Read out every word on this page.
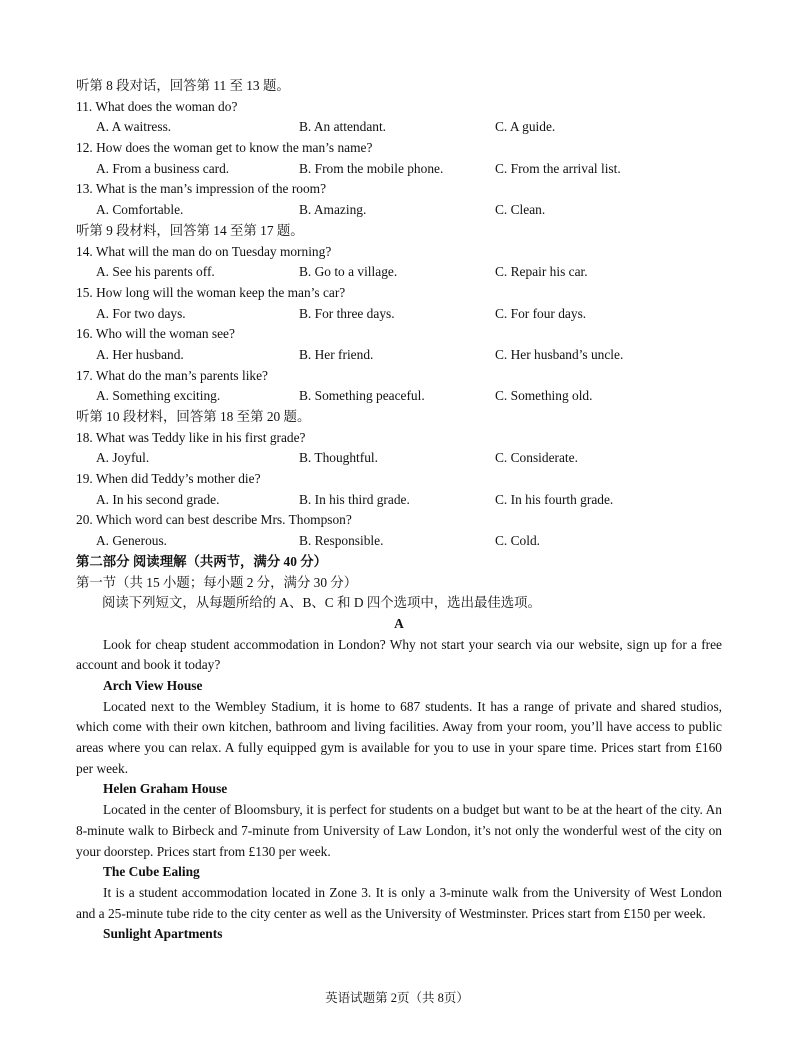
听第 8 段对话，回答第 11 至 13 题。
11. What does the woman do?
A. A waitress.	B. An attendant.	C. A guide.
12. How does the woman get to know the man’s name?
A. From a business card.	B. From the mobile phone.	C. From the arrival list.
13. What is the man’s impression of the room?
A. Comfortable.	B. Amazing.	C. Clean.
听第 9 段材料，回答第 14 至第 17 题。
14. What will the man do on Tuesday morning?
A. See his parents off.	B. Go to a village.	C. Repair his car.
15. How long will the woman keep the man’s car?
A. For two days.	B. For three days.	C. For four days.
16. Who will the woman see?
A. Her husband.	B. Her friend.	C. Her husband’s uncle.
17. What do the man’s parents like?
A. Something exciting.	B. Something peaceful.	C. Something old.
听第 10 段材料，回答第 18 至第 20 题。
18. What was Teddy like in his first grade?
A. Joyful.	B. Thoughtful.	C. Considerate.
19. When did Teddy’s mother die?
A. In his second grade.	B. In his third grade.	C. In his fourth grade.
20. Which word can best describe Mrs. Thompson?
A. Generous.	B. Responsible.	C. Cold.
第二部分 阅读理解（共两节，满分 40 分）
第一节（共 15 小题；每小题 2 分，满分 30 分）
阅读下列短文，从每题所给的 A、B、C 和 D 四个选项中，选出最佳选项。
A
Look for cheap student accommodation in London? Why not start your search via our website, sign up for a free account and book it today?
Arch View House
Located next to the Wembley Stadium, it is home to 687 students. It has a range of private and shared studios, which come with their own kitchen, bathroom and living facilities. Away from your room, you’ll have access to public areas where you can relax. A fully equipped gym is available for you to use in your spare time. Prices start from £160 per week.
Helen Graham House
Located in the center of Bloomsbury, it is perfect for students on a budget but want to be at the heart of the city. An 8-minute walk to Birbeck and 7-minute from University of Law London, it’s not only the wonderful west of the city on your doorstep. Prices start from £130 per week.
The Cube Ealing
It is a student accommodation located in Zone 3. It is only a 3-minute walk from the University of West London and a 25-minute tube ride to the city center as well as the University of Westminster. Prices start from £150 per week.
Sunlight Apartments
英语试题第 2页（共 8页）
